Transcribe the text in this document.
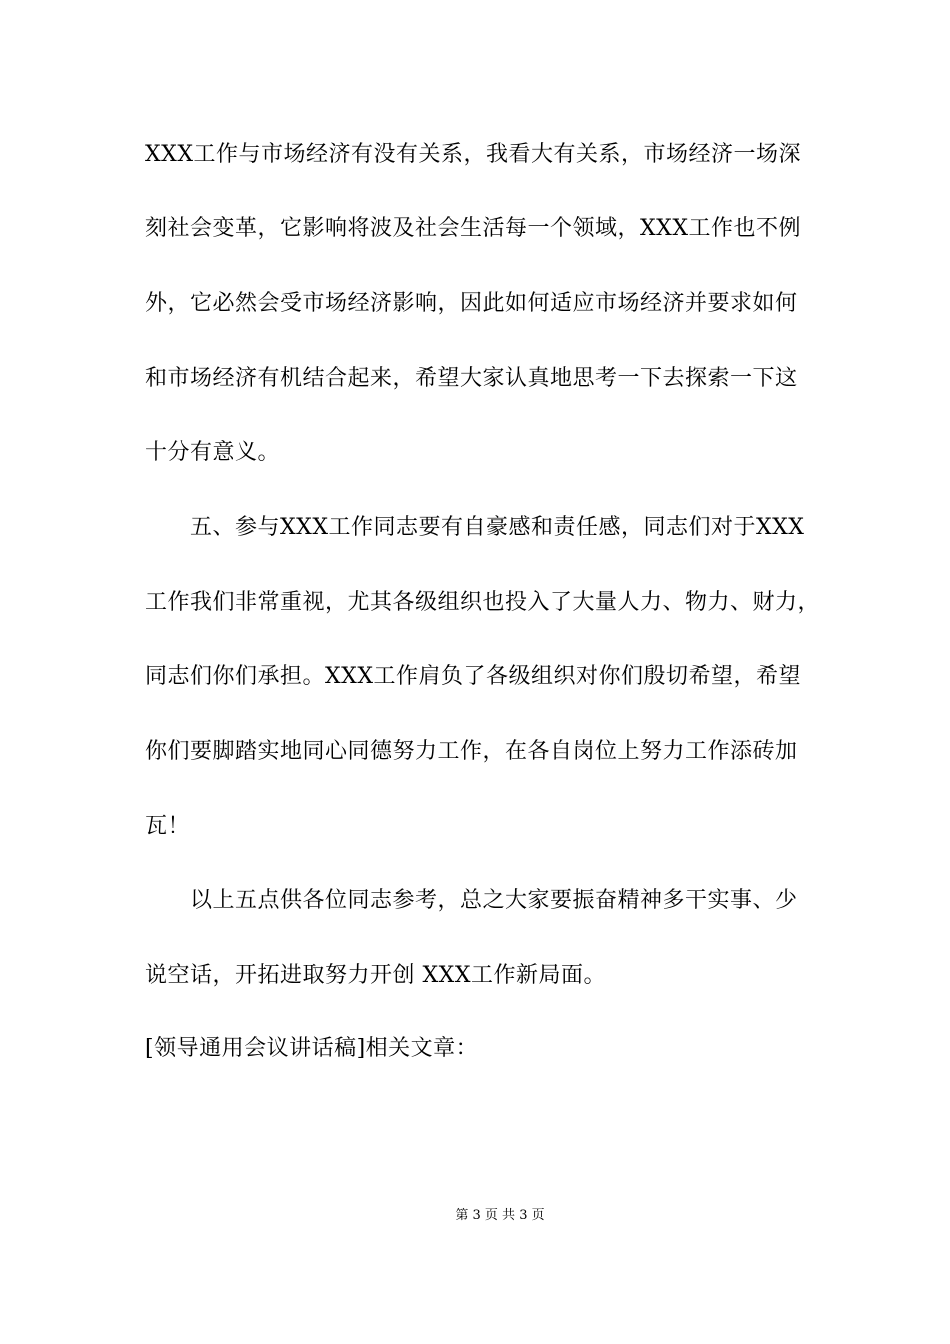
XXX工作与市场经济有没有关系，我看大有关系，市场经济一场深
刻社会变革，它影响将波及社会生活每一个领域，XXX工作也不例
外，它必然会受市场经济影响，因此如何适应市场经济并要求如何
和市场经济有机结合起来，希望大家认真地思考一下去探索一下这
十分有意义。
五、参与XXX工作同志要有自豪感和责任感，同志们对于XXX
工作我们非常重视，尤其各级组织也投入了大量人力、物力、财力，
同志们你们承担。XXX工作肩负了各级组织对你们殷切希望，希望
你们要脚踏实地同心同德努力工作，在各自岗位上努力工作添砖加
瓦！
以上五点供各位同志参考，总之大家要振奋精神多干实事、少
说空话，开拓进取努力开创 XXX工作新局面。
[领导通用会议讲话稿]相关文章：
第 3 页 共 3 页
